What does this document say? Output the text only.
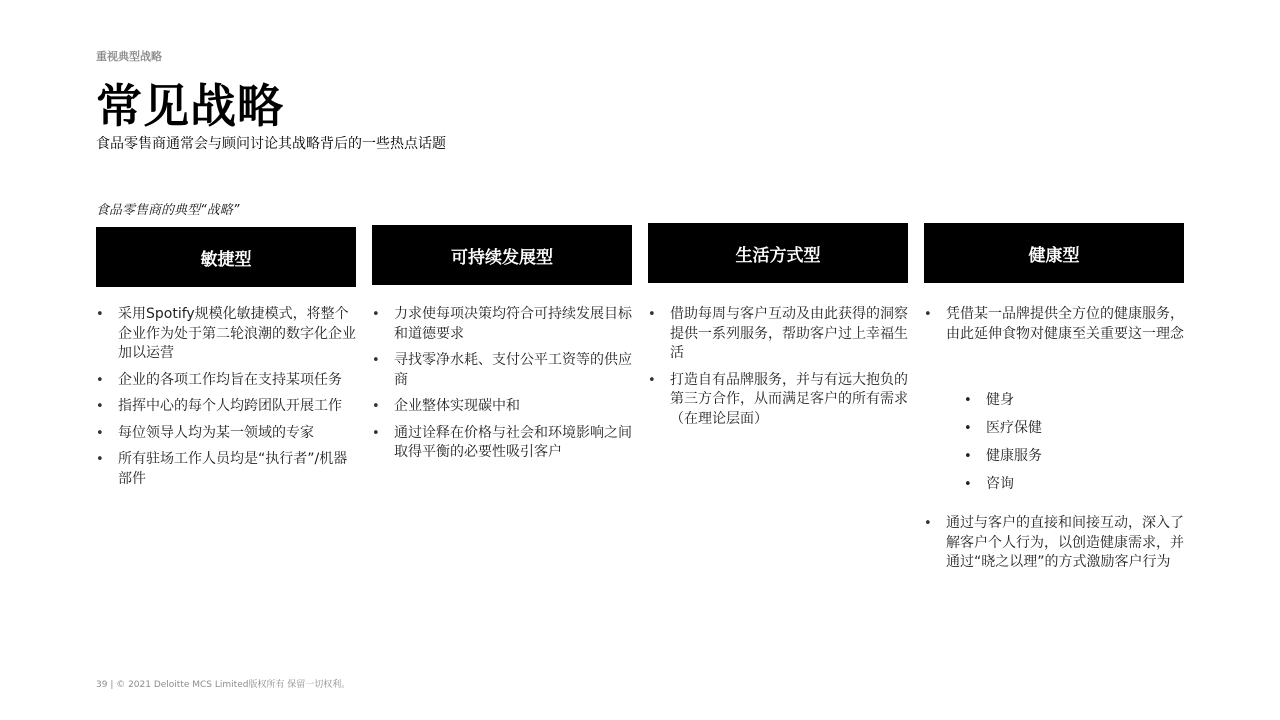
重视典型战略
常见战略
食品零售商通常会与顾问讨论其战略背后的一些热点话题
食品零售商的典型“战略”
敏捷型
• 采用Spotify规模化敏捷模式，将整个企业作为处于第二轮浪潮的数字化企业加以运营
• 企业的各项工作均旨在支持某项任务
• 指挥中心的每个人均跨团队开展工作
• 每位领导人均为某一领域的专家
• 所有驻场工作人员均是“执行者”/机器部件
可持续发展型
• 力求使每项决策均符合可持续发展目标和道德要求
• 寻找零净水耗、支付公平工资等的供应商
• 企业整体实现碳中和
• 通过诠释在价格与社会和环境影响之间取得平衡的必要性吸引客户
生活方式型
• 借助每周与客户互动及由此获得的洞察提供一系列服务，帮助客户过上幸福生活
• 打造自有品牌服务，并与有远大抱负的第三方合作，从而满足客户的所有需求（在理论层面）
健康型
• 凭借某一品牌提供全方位的健康服务，由此延伸食物对健康至关重要这一理念
• 健身
• 医疗保健
• 健康服务
• 咨询
• 通过与客户的直接和间接互动，深入了解客户个人行为，以创造健康需求，并通过“晓之以理”的方式激励客户行为
39 | © 2021 Deloitte MCS Limited版权所有 保留一切权利。
